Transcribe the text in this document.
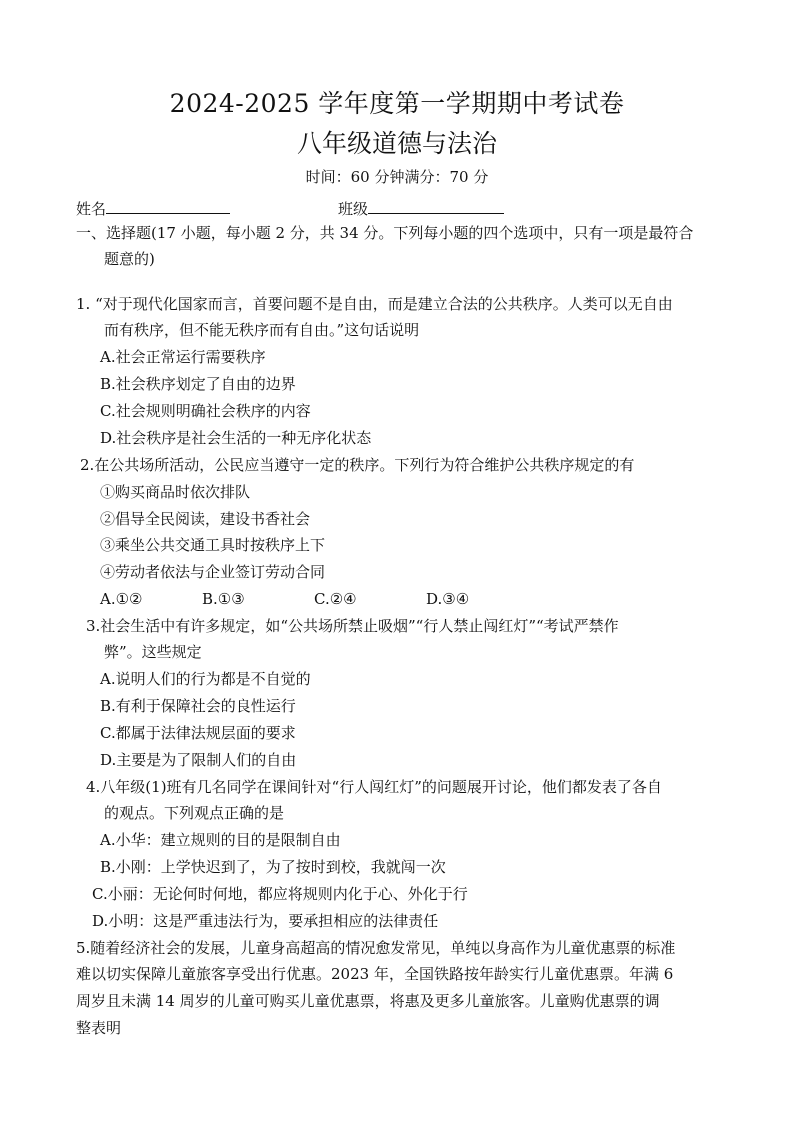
2024-2025 学年度第一学期期中考试卷
八年级道德与法治
时间：60 分钟满分：70 分
姓名	班级
一、选择题(17 小题，每小题 2 分，共 34 分。下列每小题的四个选项中，只有一项是最符合
题意的)
1. “对于现代化国家而言，首要问题不是自由，而是建立合法的公共秩序。人类可以无自由
而有秩序，但不能无秩序而有自由。”这句话说明
A.社会正常运行需要秩序
B.社会秩序划定了自由的边界
C.社会规则明确社会秩序的内容
D.社会秩序是社会生活的一种无序化状态
2.在公共场所活动，公民应当遵守一定的秩序。下列行为符合维护公共秩序规定的有
①购买商品时依次排队
②倡导全民阅读，建设书香社会
③乘坐公共交通工具时按秩序上下
④劳动者依法与企业签订劳动合同
A.①②	B.①③	C.②④	D.③④
3.社会生活中有许多规定，如“公共场所禁止吸烟”“行人禁止闯红灯”“考试严禁作
弊”。这些规定
A.说明人们的行为都是不自觉的
B.有利于保障社会的良性运行
C.都属于法律法规层面的要求
D.主要是为了限制人们的自由
4.八年级(1)班有几名同学在课间针对“行人闯红灯”的问题展开讨论，他们都发表了各自
的观点。下列观点正确的是
A.小华：建立规则的目的是限制自由
B.小刚：上学快迟到了，为了按时到校，我就闯一次
C.小丽：无论何时何地，都应将规则内化于心、外化于行
D.小明：这是严重违法行为，要承担相应的法律责任
5.随着经济社会的发展，儿童身高超高的情况愈发常见，单纯以身高作为儿童优惠票的标准
难以切实保障儿童旅客享受出行优惠。2023 年，全国铁路按年龄实行儿童优惠票。年满 6
周岁且未满 14 周岁的儿童可购买儿童优惠票，将惠及更多儿童旅客。儿童购优惠票的调
整表明
